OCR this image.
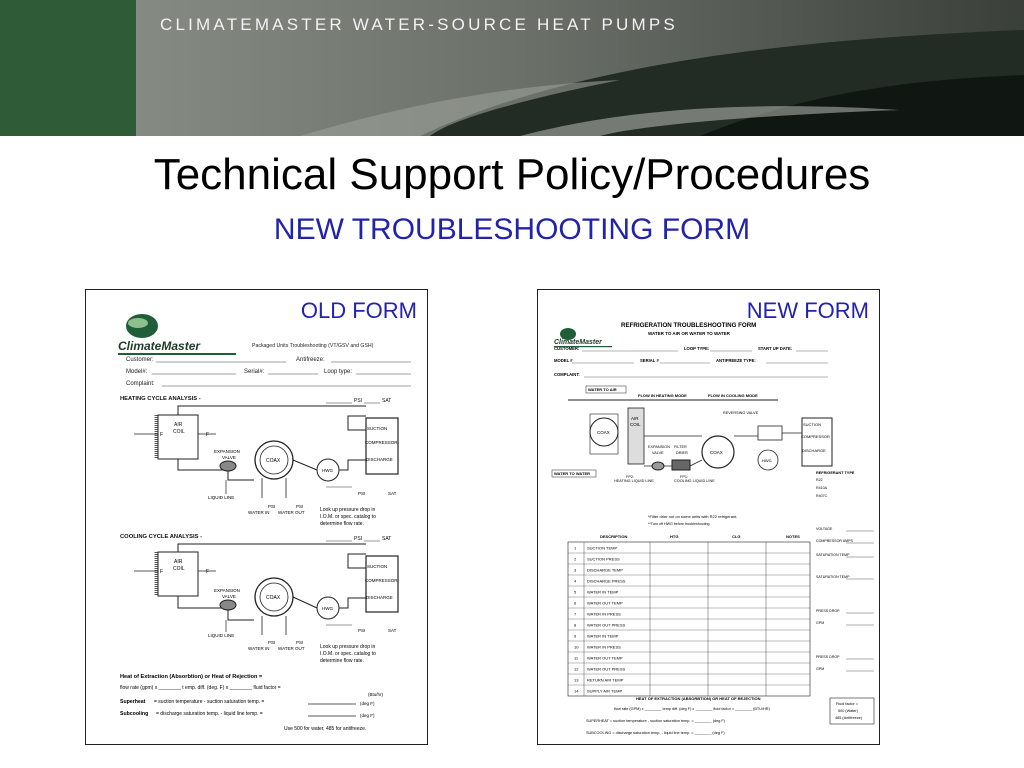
CLIMATEMASTER WATER-SOURCE HEAT PUMPS
Technical Support Policy/Procedures
NEW TROUBLESHOOTING FORM
ClimateMaster	Packaged Units Troubleshooting (VT/GSV and GSH)
Customer:	Antifreeze:
Model#:	Serial#:	Loop type:
Complaint:
HEATING CYCLE ANALYSIS -	PSI	SAT
AIR
COIL
F	F
SUCTION
COMPRESSOR
DISCHARGE
COAX
HWG
EXPANSION
VALVE
LIQUID LINE
WATER IN WATER OUT
PSI	PSI
Look up pressure drop in
I.O.M. or spec. catalog to
determine flow rate.
PSI	SAT
COOLING CYCLE ANALYSIS -	PSI	SAT
AIR
COIL
F	F
SUCTION
COMPRESSOR
DISCHARGE
COAX
HWG
EXPANSION
VALVE
LIQUID LINE
WATER IN WATER OUT
PSI	PSI
Look up pressure drop in
I.O.M. or spec. catalog to
determine flow rate.
PSI	SAT
Heat of Extraction (Absorbtion) or Heat of Rejection =
flow rate (gpm) x ________ t emp. diff. (deg. F) x ________ fluid factor =
(Btu/hr)
Superheat = suction temperature - suction saturation temp. =	(deg F)
Subcooling = discharge saturation temp. - liquid line temp. =	(deg F)
Use 500 for water, 485 for antifreeze.
OLD FORM
ClimateMaster
REFRIGERATION TROUBLESHOOTING FORM
WATER TO AIR OR WATER TO WATER
CUSTOMER:	LOOP TYPE:	START UP DATE:
MODEL #	SERIAL #	ANTIFREEZE TYPE:
COMPLAINT:
WATER TO AIR
WATER TO WATER
FLOW IN HEATING MODE	FLOW IN COOLING MODE
AIR
COIL
COAX
COAX
HWG
SUCTION
COMPRESSOR
DISCHARGE
REVERSING VALVE
EXPANSION
VALVE
FILTER
DRIER
HEATING LIQUID LINE	COOLING LIQUID LINE
FP2:	FP1:
REFRIGERANT TYPE
R22
R410A
R407C
*Filter drier not on some units with R22 refrigerant.
**Turn off HWG before troubleshooting
DESCRIPTION	HTG	CLG	NOTES
1	SUCTION TEMP
2	SUCTION PRESS
3	DISCHARGE TEMP
4	DISCHARGE PRESS
5	WATER IN TEMP
6	WATER OUT TEMP
7	WATER IN PRESS
8	WATER OUT PRESS
9	WATER IN TEMP
10 WATER IN PRESS
11 WATER OUT TEMP
12 WATER OUT PRESS
13 RETURN AIR TEMP
14 SUPPLY AIR TEMP
VOLTAGE
COMPRESSOR AMPS
SATURATION TEMP
SATURATION TEMP
PRESS DROP
GPM
PRESS DROP
GPM
HEAT OF EXTRACTION (ABSORBTION) OR HEAT OF REJECTION
flow rate (GPM) x ________ temp diff. (deg F) x ________ fluid factor = ________ (BTU/HR)
Fluid factor =
500 (Water)
485 (Antifreeze)
SUPERHEAT = suction temperature - suction saturation temp. = ________ (deg F)
SUBCOOLING = discharge saturation temp. - liquid line temp. = ________ (deg F)
NEW FORM
